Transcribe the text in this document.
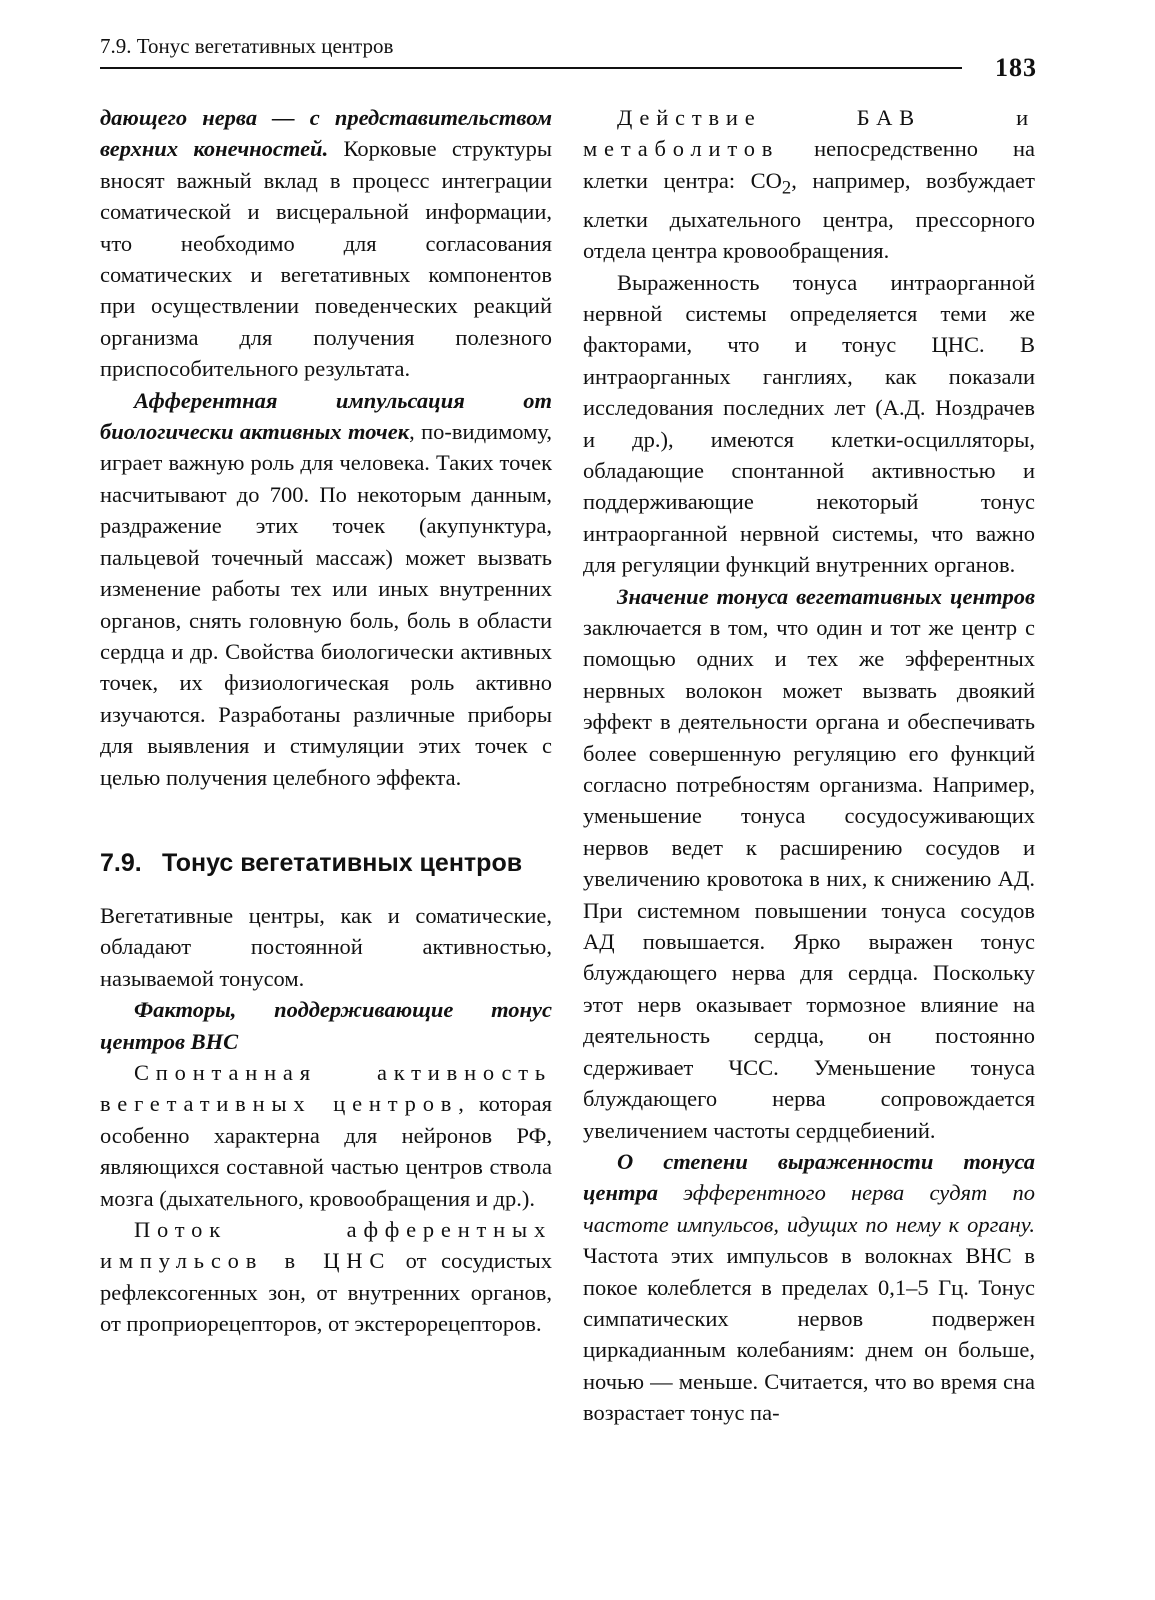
7.9. Тонус вегетативных центров
183

дающего нерва — с представительством верхних конечностей. Корковые структуры вносят важный вклад в процесс интеграции соматической и висцеральной информации, что необходимо для согласования соматических и вегетативных компонентов при осуществлении поведенческих реакций организма для получения полезного приспособительного результата.

Афферентная импульсация от биологически активных точек, по-видимому, играет важную роль для человека. Таких точек насчитывают до 700. По некоторым данным, раздражение этих точек (акупунктура, пальцевой точечный массаж) может вызвать изменение работы тех или иных внутренних органов, снять головную боль, боль в области сердца и др. Свойства биологически активных точек, их физиологическая роль активно изучаются. Разработаны различные приборы для выявления и стимуляции этих точек с целью получения целебного эффекта.

7.9. Тонус вегетативных центров

Вегетативные центры, как и соматические, обладают постоянной активностью, называемой тонусом.

Факторы, поддерживающие тонус центров ВНС

Спонтанная активность вегетативных центров, которая особенно характерна для нейронов РФ, являющихся составной частью центров ствола мозга (дыхательного, кровообращения и др.).

Поток афферентных импульсов в ЦНС от сосудистых рефлексогенных зон, от внутренних органов, от проприорецепторов, от экстерорецепторов.

Действие БАВ и метаболитов непосредственно на клетки центра: $CO_2$, например, возбуждает клетки дыхательного центра, прессорного отдела центра кровообращения.

Выраженность тонуса интраорганной нервной системы определяется теми же факторами, что и тонус ЦНС. В интраорганных ганглиях, как показали исследования последних лет (А.Д. Ноздрачев и др.), имеются клетки-осцилляторы, обладающие спонтанной активностью и поддерживающие некоторый тонус интраорганной нервной системы, что важно для регуляции функций внутренних органов.

Значение тонуса вегетативных центров заключается в том, что один и тот же центр с помощью одних и тех же эфферентных нервных волокон может вызвать двоякий эффект в деятельности органа и обеспечивать более совершенную регуляцию его функций согласно потребностям организма. Например, уменьшение тонуса сосудосуживающих нервов ведет к расширению сосудов и увеличению кровотока в них, к снижению АД. При системном повышении тонуса сосудов АД повышается. Ярко выражен тонус блуждающего нерва для сердца. Поскольку этот нерв оказывает тормозное влияние на деятельность сердца, он постоянно сдерживает ЧСС. Уменьшение тонуса блуждающего нерва сопровождается увеличением частоты сердцебиений.

О степени выраженности тонуса центра эфферентного нерва судят по частоте импульсов, идущих по нему к органу. Частота этих импульсов в волокнах ВНС в покое колеблется в пределах 0,1–5 Гц. Тонус симпатических нервов подвержен циркадианным колебаниям: днем он больше, ночью — меньше. Считается, что во время сна возрастает тонус па-
